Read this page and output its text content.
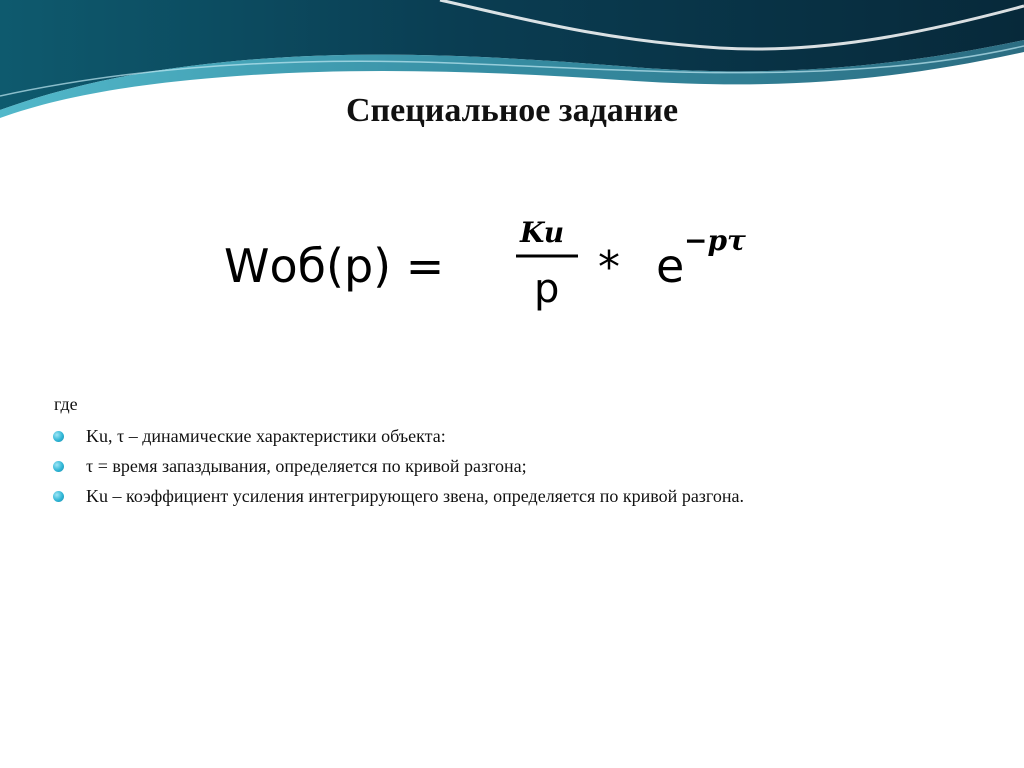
Специальное задание
Wоб(p) =
Ku
p * e −pτ

где

Ku, τ – динамические характеристики объекта:
τ = время запаздывания, определяется по кривой разгона;
Ku – коэффициент усиления интегрирующего звена, определяется по кривой разгона.
